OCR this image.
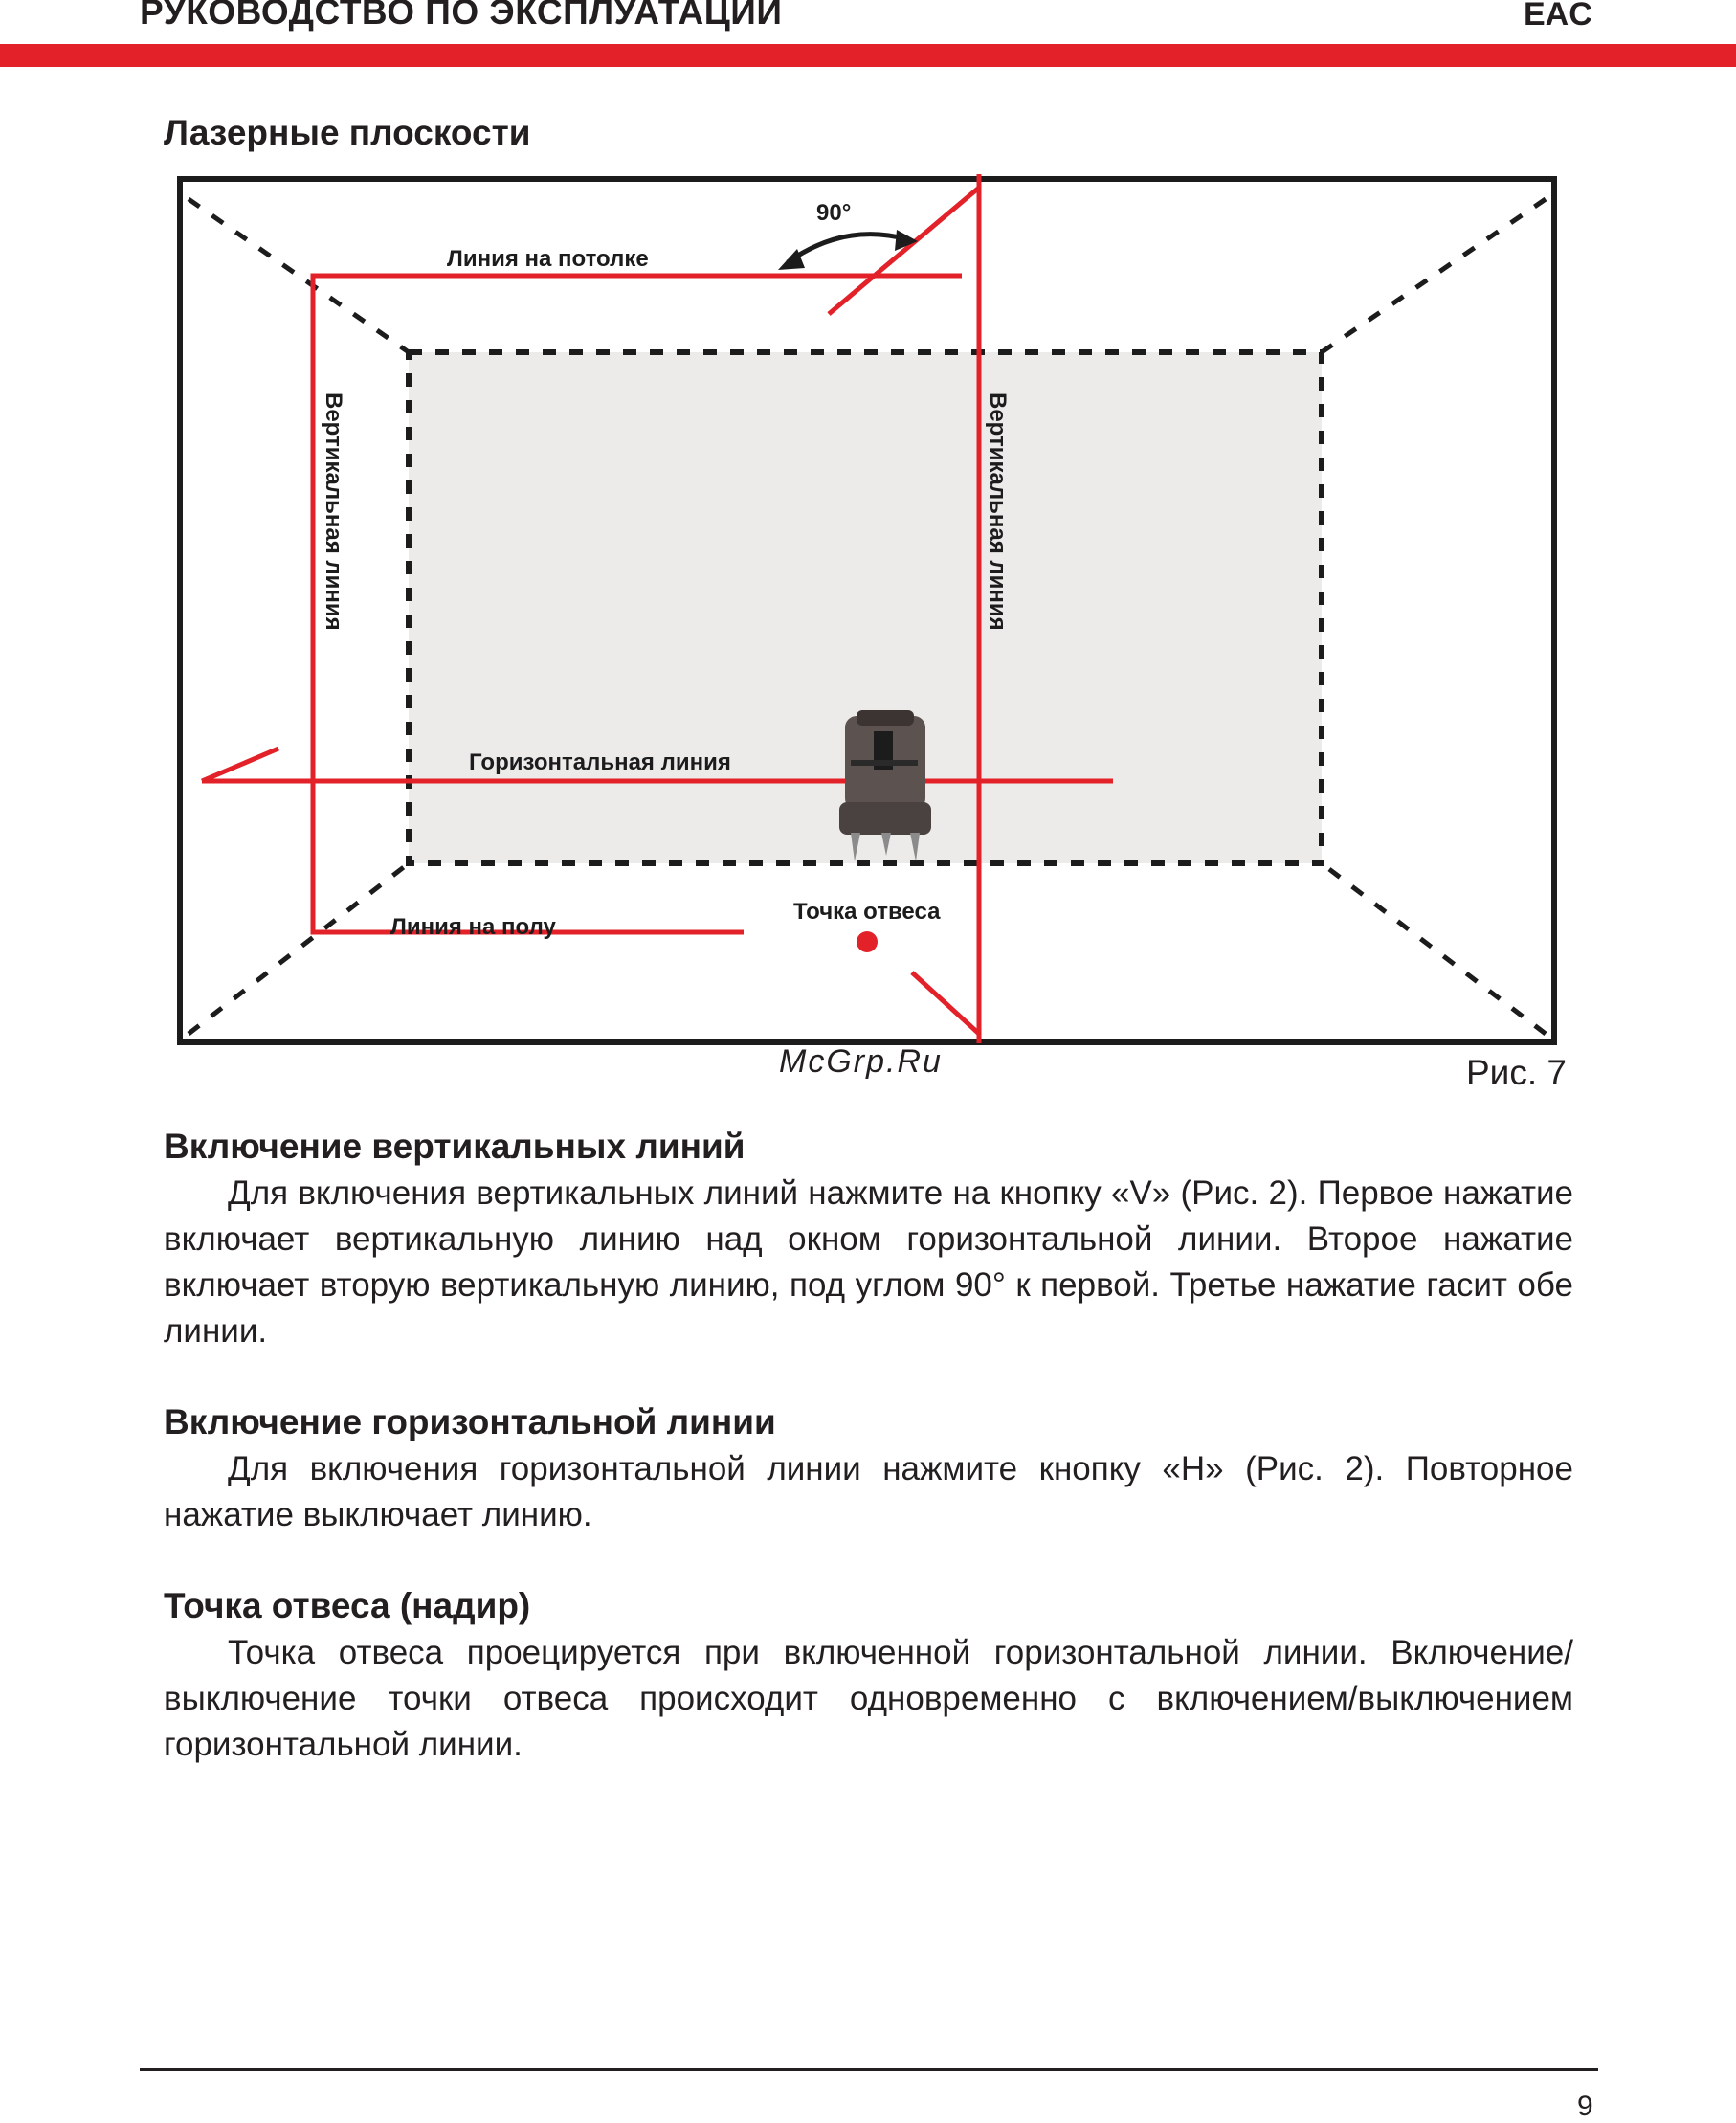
РУКОВОДСТВО ПО ЭКСПЛУАТАЦИИ	EAC
Лазерные плоскости
90°
Линия на потолке
Горизонтальная линия
Линия на полу
Точка отвеса
Вертикальная линия	Вертикальная линия
McGrp.Ru	Рис. 7
Включение вертикальных линий

Для включения вертикальных линий нажмите на кнопку «V» (Рис. 2). Первое нажатие включает вертикальную линию над окном горизонтальной линии. Второе нажатие включает вторую вертикальную линию, под углом 90° к первой. Третье нажатие гасит обе линии.

Включение горизонтальной линии

Для включения горизонтальной линии нажмите кнопку «H» (Рис. 2). Повторное нажатие выключает линию.

Точка отвеса (надир)

Точка отвеса проецируется при включенной горизонтальной линии. Включение/выключение точки отвеса происходит одновременно с включением/выключением горизонтальной линии.

9
